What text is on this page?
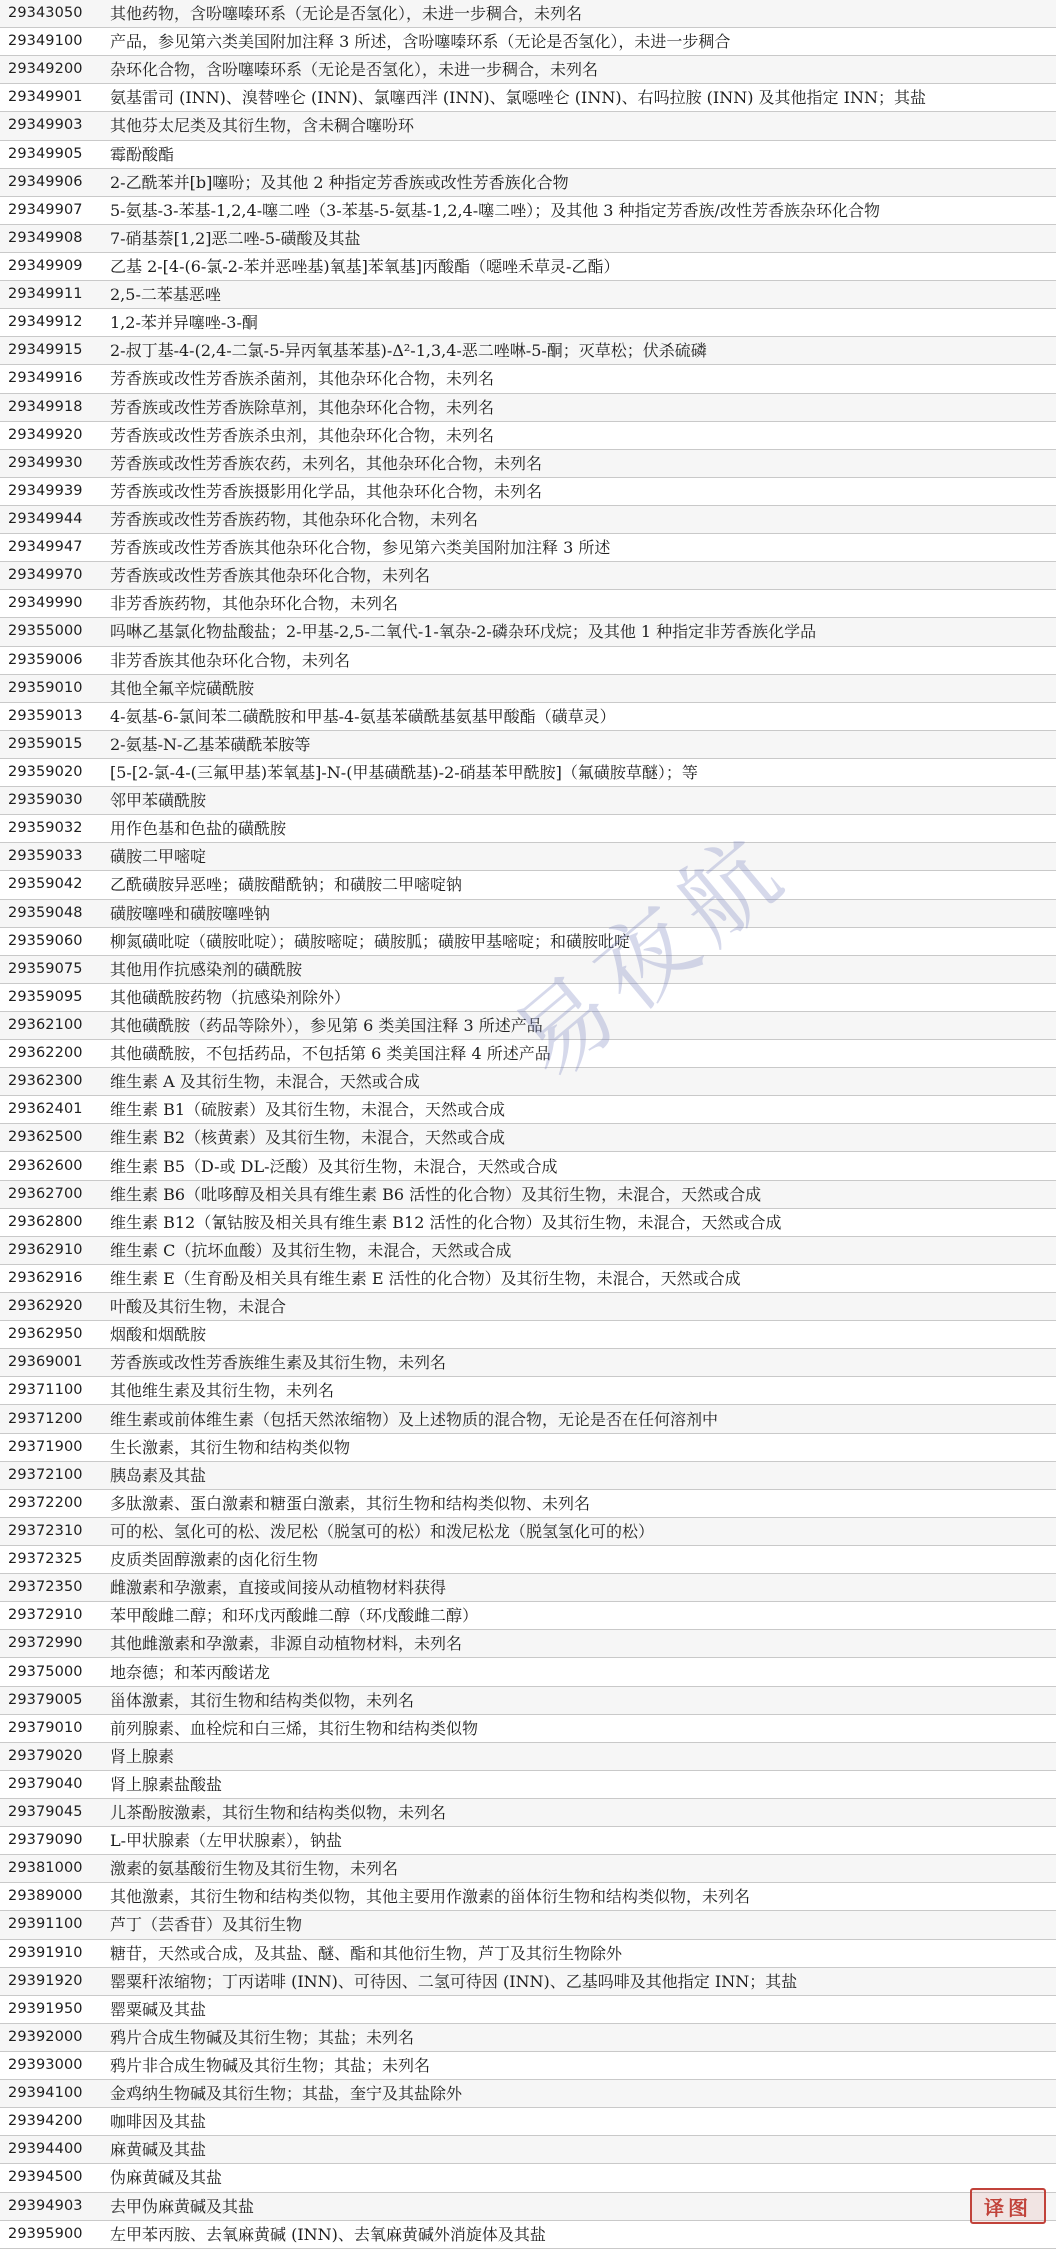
29343050	其他药物，含吩噻嗪环系（无论是否氢化），未进一步稠合，未列名
29349100	产品，参见第六类美国附加注释 3 所述，含吩噻嗪环系（无论是否氢化），未进一步稠合
29349200	杂环化合物，含吩噻嗪环系（无论是否氢化），未进一步稠合，未列名
29349901	氨基雷司 (INN)、溴替唑仑 (INN)、氯噻西泮 (INN)、氯噁唑仑 (INN)、右吗拉胺 (INN) 及其他指定 INN；其盐
29349903	其他芬太尼类及其衍生物，含未稠合噻吩环
29349905	霉酚酸酯
29349906	2-乙酰苯并[b]噻吩；及其他 2 种指定芳香族或改性芳香族化合物
29349907	5-氨基-3-苯基-1,2,4-噻二唑（3-苯基-5-氨基-1,2,4-噻二唑）；及其他 3 种指定芳香族/改性芳香族杂环化合物
29349908	7-硝基萘[1,2]恶二唑-5-磺酸及其盐
29349909	乙基 2-[4-(6-氯-2-苯并恶唑基)氧基]苯氧基]丙酸酯（噁唑禾草灵-乙酯）
29349911	2,5-二苯基恶唑
29349912	1,2-苯并异噻唑-3-酮
29349915	2-叔丁基-4-(2,4-二氯-5-异丙氧基苯基)-Δ²-1,3,4-恶二唑啉-5-酮；灭草松；伏杀硫磷
29349916	芳香族或改性芳香族杀菌剂，其他杂环化合物，未列名
29349918	芳香族或改性芳香族除草剂，其他杂环化合物，未列名
29349920	芳香族或改性芳香族杀虫剂，其他杂环化合物，未列名
29349930	芳香族或改性芳香族农药，未列名，其他杂环化合物，未列名
29349939	芳香族或改性芳香族摄影用化学品，其他杂环化合物，未列名
29349944	芳香族或改性芳香族药物，其他杂环化合物，未列名
29349947	芳香族或改性芳香族其他杂环化合物，参见第六类美国附加注释 3 所述
29349970	芳香族或改性芳香族其他杂环化合物，未列名
29349990	非芳香族药物，其他杂环化合物，未列名
29355000	吗啉乙基氯化物盐酸盐；2-甲基-2,5-二氧代-1-氧杂-2-磷杂环戊烷；及其他 1 种指定非芳香族化学品
29359006	非芳香族其他杂环化合物，未列名
29359010	其他全氟辛烷磺酰胺
29359013	4-氨基-6-氯间苯二磺酰胺和甲基-4-氨基苯磺酰基氨基甲酸酯（磺草灵）
29359015	2-氨基-N-乙基苯磺酰苯胺等
29359020	[5-[2-氯-4-(三氟甲基)苯氧基]-N-(甲基磺酰基)-2-硝基苯甲酰胺]（氟磺胺草醚）；等
29359030	邻甲苯磺酰胺
29359032	用作色基和色盐的磺酰胺
29359033	磺胺二甲嘧啶
29359042	乙酰磺胺异恶唑；磺胺醋酰钠；和磺胺二甲嘧啶钠
29359048	磺胺噻唑和磺胺噻唑钠
29359060	柳氮磺吡啶（磺胺吡啶）；磺胺嘧啶；磺胺胍；磺胺甲基嘧啶；和磺胺吡啶
29359075	其他用作抗感染剂的磺酰胺
29359095	其他磺酰胺药物（抗感染剂除外）
29362100	其他磺酰胺（药品等除外），参见第 6 类美国注释 3 所述产品
29362200	其他磺酰胺，不包括药品，不包括第 6 类美国注释 4 所述产品
29362300	维生素 A 及其衍生物，未混合，天然或合成
29362401	维生素 B1（硫胺素）及其衍生物，未混合，天然或合成
29362500	维生素 B2（核黄素）及其衍生物，未混合，天然或合成
29362600	维生素 B5（D-或 DL-泛酸）及其衍生物，未混合，天然或合成
29362700	维生素 B6（吡哆醇及相关具有维生素 B6 活性的化合物）及其衍生物，未混合，天然或合成
29362800	维生素 B12（氰钴胺及相关具有维生素 B12 活性的化合物）及其衍生物，未混合，天然或合成
29362910	维生素 C（抗坏血酸）及其衍生物，未混合，天然或合成
29362916	维生素 E（生育酚及相关具有维生素 E 活性的化合物）及其衍生物，未混合，天然或合成
29362920	叶酸及其衍生物，未混合
29362950	烟酸和烟酰胺
29369001	芳香族或改性芳香族维生素及其衍生物，未列名
29371100	其他维生素及其衍生物，未列名
29371200	维生素或前体维生素（包括天然浓缩物）及上述物质的混合物，无论是否在任何溶剂中
29371900	生长激素，其衍生物和结构类似物
29372100	胰岛素及其盐
29372200	多肽激素、蛋白激素和糖蛋白激素，其衍生物和结构类似物、未列名
29372310	可的松、氢化可的松、泼尼松（脱氢可的松）和泼尼松龙（脱氢氢化可的松）
29372325	皮质类固醇激素的卤化衍生物
29372350	雌激素和孕激素，直接或间接从动植物材料获得
29372910	苯甲酸雌二醇；和环戊丙酸雌二醇（环戊酸雌二醇）
29372990	其他雌激素和孕激素，非源自动植物材料，未列名
29375000	地奈德；和苯丙酸诺龙
29379005	甾体激素，其衍生物和结构类似物，未列名
29379010	前列腺素、血栓烷和白三烯，其衍生物和结构类似物
29379020	肾上腺素
29379040	肾上腺素盐酸盐
29379045	儿茶酚胺激素，其衍生物和结构类似物，未列名
29379090	L-甲状腺素（左甲状腺素），钠盐
29381000	激素的氨基酸衍生物及其衍生物，未列名
29389000	其他激素，其衍生物和结构类似物，其他主要用作激素的甾体衍生物和结构类似物，未列名
29391100	芦丁（芸香苷）及其衍生物
29391910	糖苷，天然或合成，及其盐、醚、酯和其他衍生物，芦丁及其衍生物除外
29391920	罂粟秆浓缩物；丁丙诺啡 (INN)、可待因、二氢可待因 (INN)、乙基吗啡及其他指定 INN；其盐
29391950	罂粟碱及其盐
29392000	鸦片合成生物碱及其衍生物；其盐；未列名
29393000	鸦片非合成生物碱及其衍生物；其盐；未列名
29394100	金鸡纳生物碱及其衍生物；其盐，奎宁及其盐除外
29394200	咖啡因及其盐
29394400	麻黄碱及其盐
29394500	伪麻黄碱及其盐
29394903	去甲伪麻黄碱及其盐
29395900	左甲苯丙胺、去氧麻黄碱 (INN)、去氧麻黄碱外消旋体及其盐
易夜航
译图
